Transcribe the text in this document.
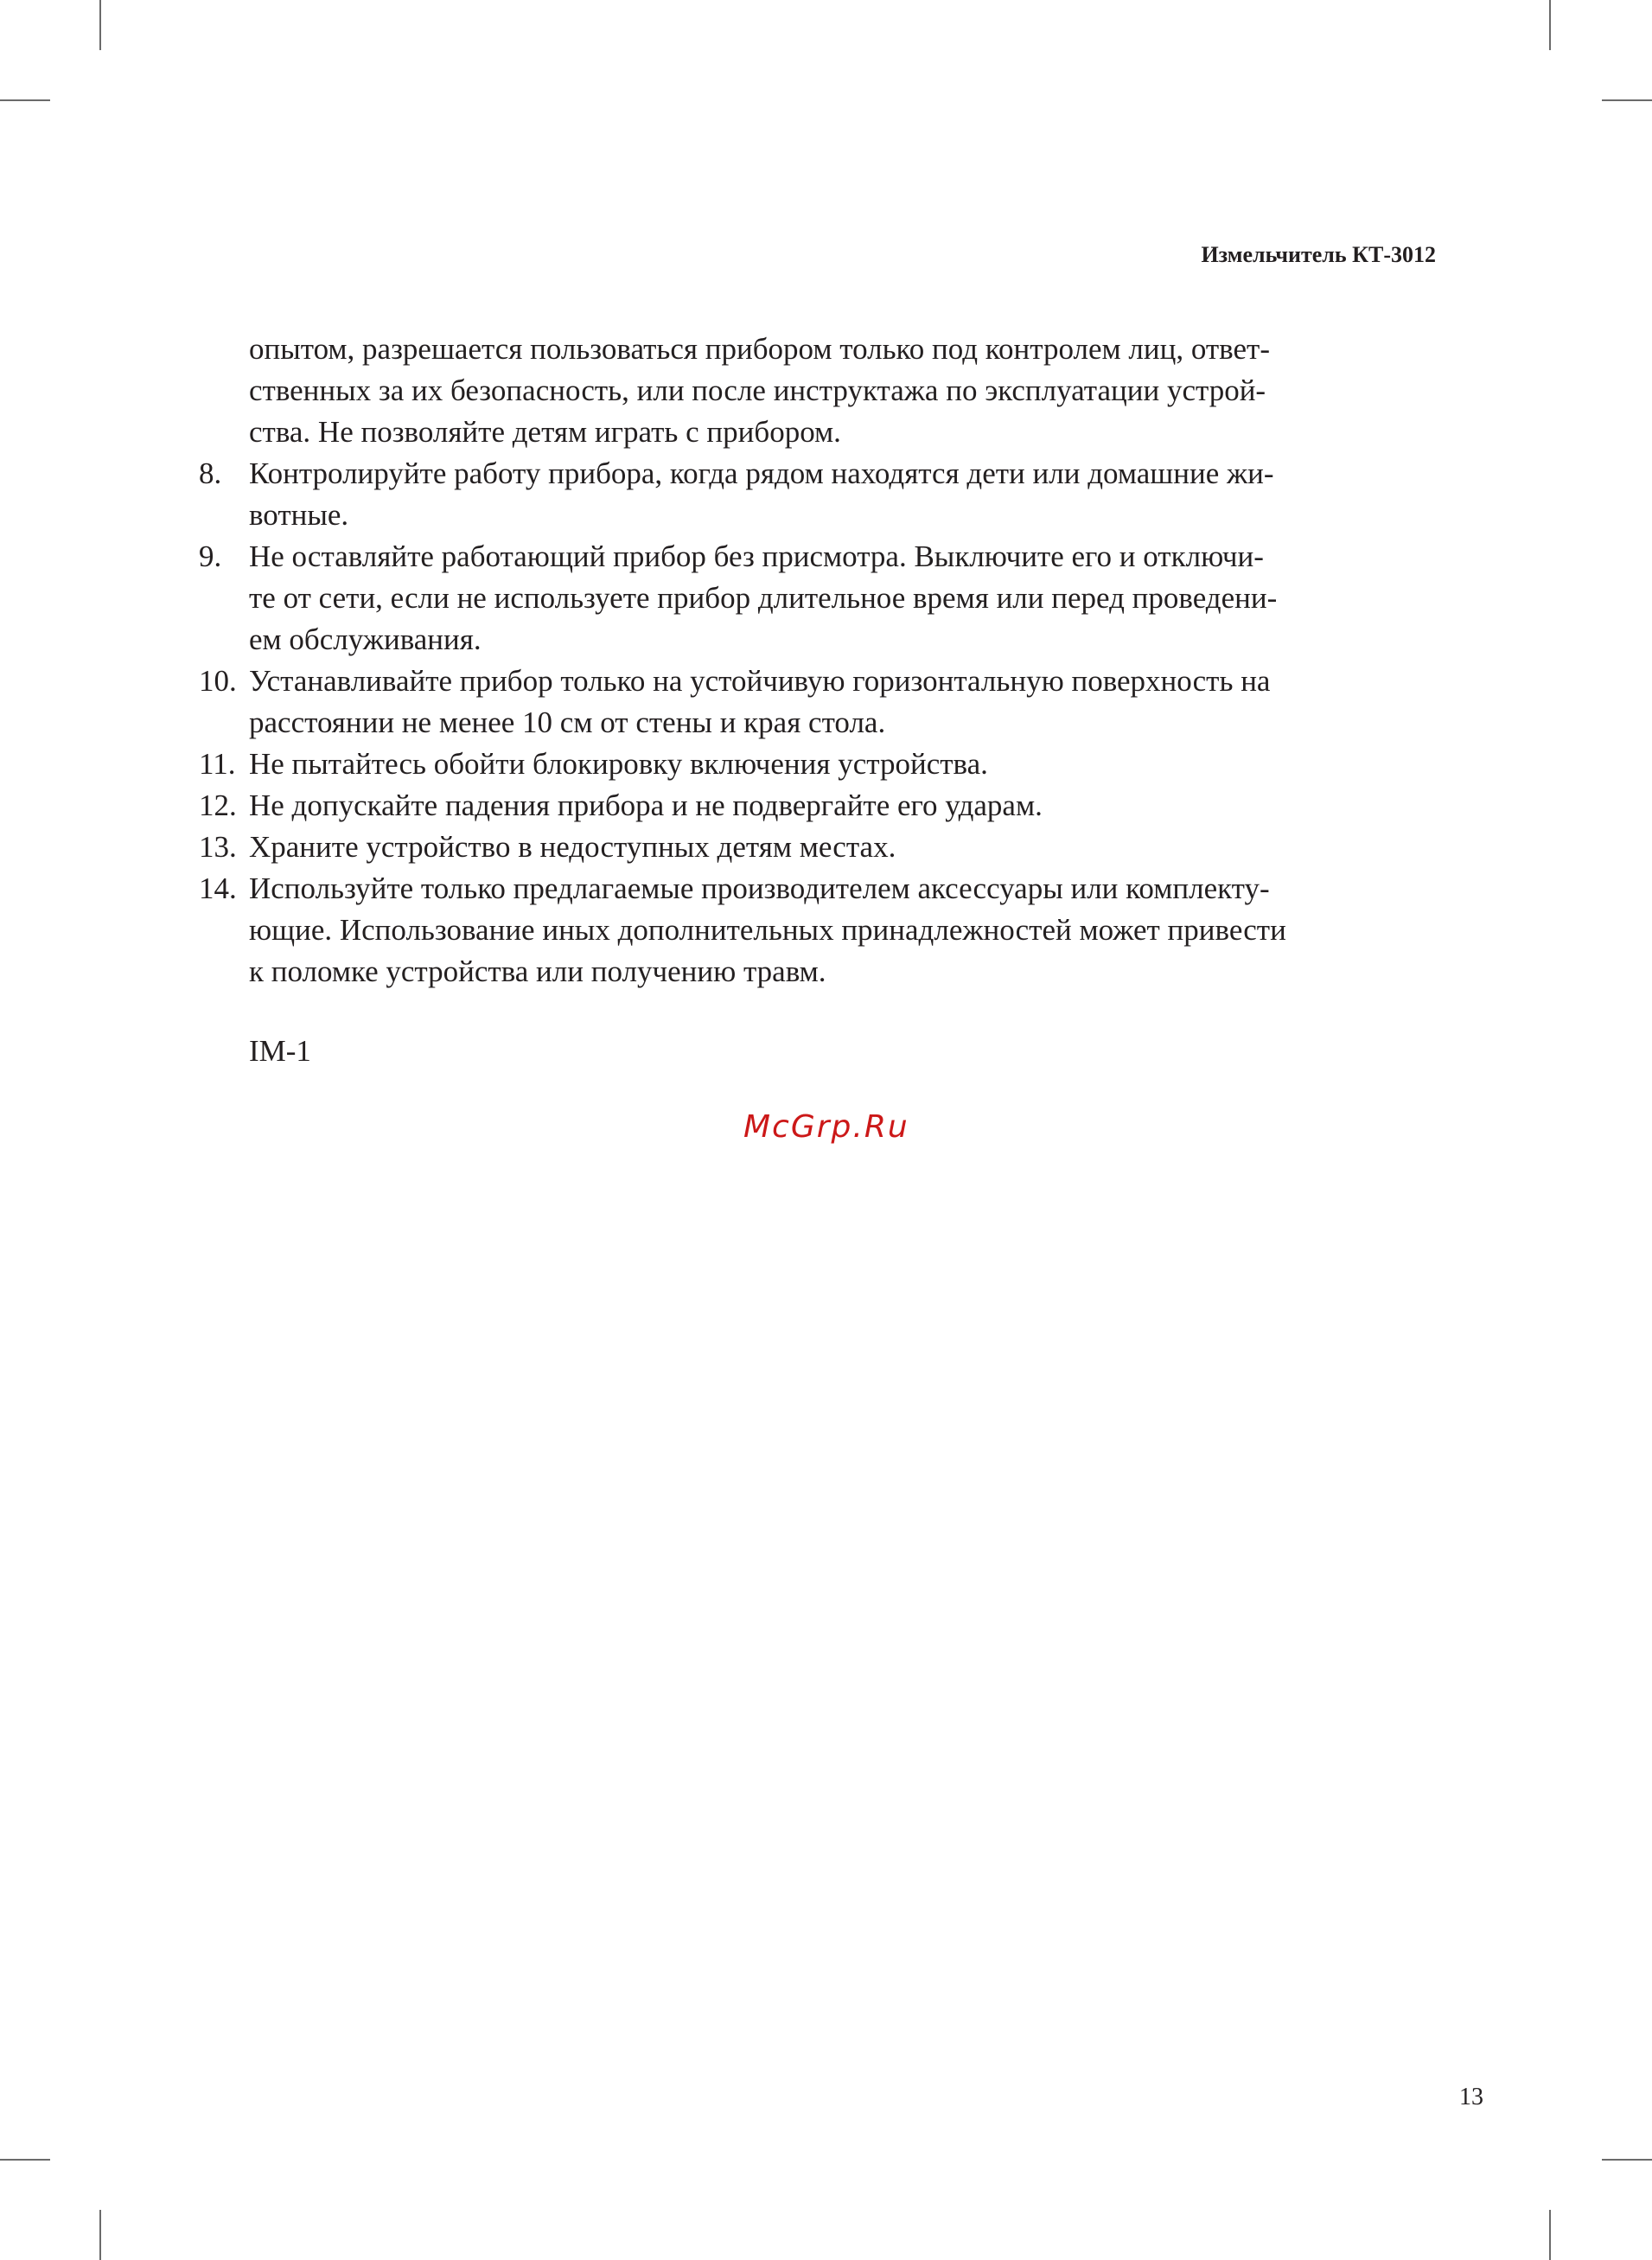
Измельчитель КТ-3012
опытом, разрешается пользоваться прибором только под контролем лиц, ответ-
ственных за их безопасность, или после инструктажа по эксплуатации устрой-
ства. Не позволяйте детям играть с прибором.
8. Контролируйте работу прибора, когда рядом находятся дети или домашние жи-
вотные.
9. Не оставляйте работающий прибор без присмотра. Выключите его и отключи-
те от сети, если не используете прибор длительное время или перед проведени-
ем обслуживания.
10. Устанавливайте прибор только на устойчивую горизонтальную поверхность на
расстоянии не менее 10 см от стены и края стола.
11. Не пытайтесь обойти блокировку включения устройства.
12. Не допускайте падения прибора и не подвергайте его ударам.
13. Храните устройство в недоступных детям местах.
14. Используйте только предлагаемые производителем аксессуары или комплекту-
ющие. Использование иных дополнительных принадлежностей может привести
к поломке устройства или получению травм.
IM-1
McGrp.Ru
13
